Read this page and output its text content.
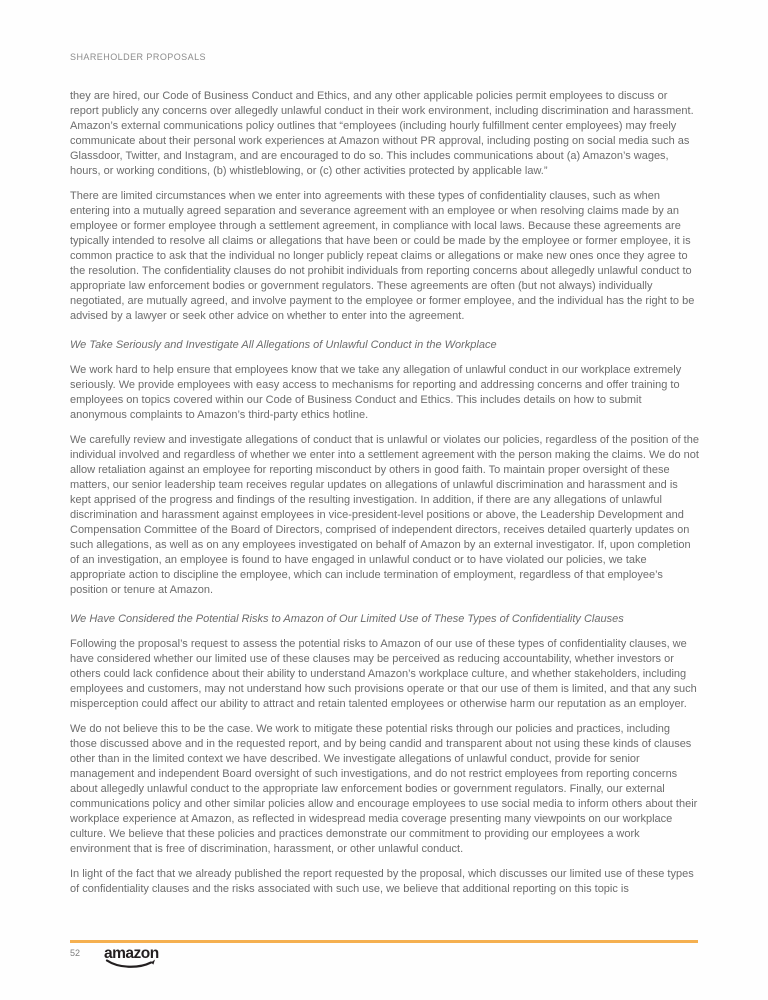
SHAREHOLDER PROPOSALS

they are hired, our Code of Business Conduct and Ethics, and any other applicable policies permit employees to discuss or report publicly any concerns over allegedly unlawful conduct in their work environment, including discrimination and harassment. Amazon’s external communications policy outlines that “employees (including hourly fulfillment center employees) may freely communicate about their personal work experiences at Amazon without PR approval, including posting on social media such as Glassdoor, Twitter, and Instagram, and are encouraged to do so. This includes communications about (a) Amazon’s wages, hours, or working conditions, (b) whistleblowing, or (c) other activities protected by applicable law.”

There are limited circumstances when we enter into agreements with these types of confidentiality clauses, such as when entering into a mutually agreed separation and severance agreement with an employee or when resolving claims made by an employee or former employee through a settlement agreement, in compliance with local laws. Because these agreements are typically intended to resolve all claims or allegations that have been or could be made by the employee or former employee, it is common practice to ask that the individual no longer publicly repeat claims or allegations or make new ones once they agree to the resolution. The confidentiality clauses do not prohibit individuals from reporting concerns about allegedly unlawful conduct to appropriate law enforcement bodies or government regulators. These agreements are often (but not always) individually negotiated, are mutually agreed, and involve payment to the employee or former employee, and the individual has the right to be advised by a lawyer or seek other advice on whether to enter into the agreement.

We Take Seriously and Investigate All Allegations of Unlawful Conduct in the Workplace

We work hard to help ensure that employees know that we take any allegation of unlawful conduct in our workplace extremely seriously. We provide employees with easy access to mechanisms for reporting and addressing concerns and offer training to employees on topics covered within our Code of Business Conduct and Ethics. This includes details on how to submit anonymous complaints to Amazon’s third-party ethics hotline.

We carefully review and investigate allegations of conduct that is unlawful or violates our policies, regardless of the position of the individual involved and regardless of whether we enter into a settlement agreement with the person making the claims. We do not allow retaliation against an employee for reporting misconduct by others in good faith. To maintain proper oversight of these matters, our senior leadership team receives regular updates on allegations of unlawful discrimination and harassment and is kept apprised of the progress and findings of the resulting investigation. In addition, if there are any allegations of unlawful discrimination and harassment against employees in vice-president-level positions or above, the Leadership Development and Compensation Committee of the Board of Directors, comprised of independent directors, receives detailed quarterly updates on such allegations, as well as on any employees investigated on behalf of Amazon by an external investigator. If, upon completion of an investigation, an employee is found to have engaged in unlawful conduct or to have violated our policies, we take appropriate action to discipline the employee, which can include termination of employment, regardless of that employee’s position or tenure at Amazon.

We Have Considered the Potential Risks to Amazon of Our Limited Use of These Types of Confidentiality Clauses

Following the proposal’s request to assess the potential risks to Amazon of our use of these types of confidentiality clauses, we have considered whether our limited use of these clauses may be perceived as reducing accountability, whether investors or others could lack confidence about their ability to understand Amazon’s workplace culture, and whether stakeholders, including employees and customers, may not understand how such provisions operate or that our use of them is limited, and that any such misperception could affect our ability to attract and retain talented employees or otherwise harm our reputation as an employer.

We do not believe this to be the case. We work to mitigate these potential risks through our policies and practices, including those discussed above and in the requested report, and by being candid and transparent about not using these kinds of clauses other than in the limited context we have described. We investigate allegations of unlawful conduct, provide for senior management and independent Board oversight of such investigations, and do not restrict employees from reporting concerns about allegedly unlawful conduct to the appropriate law enforcement bodies or government regulators. Finally, our external communications policy and other similar policies allow and encourage employees to use social media to inform others about their workplace experience at Amazon, as reflected in widespread media coverage presenting many viewpoints on our workplace culture. We believe that these policies and practices demonstrate our commitment to providing our employees a work environment that is free of discrimination, harassment, or other unlawful conduct.

In light of the fact that we already published the report requested by the proposal, which discusses our limited use of these types of confidentiality clauses and the risks associated with such use, we believe that additional reporting on this topic is

52 amazon
